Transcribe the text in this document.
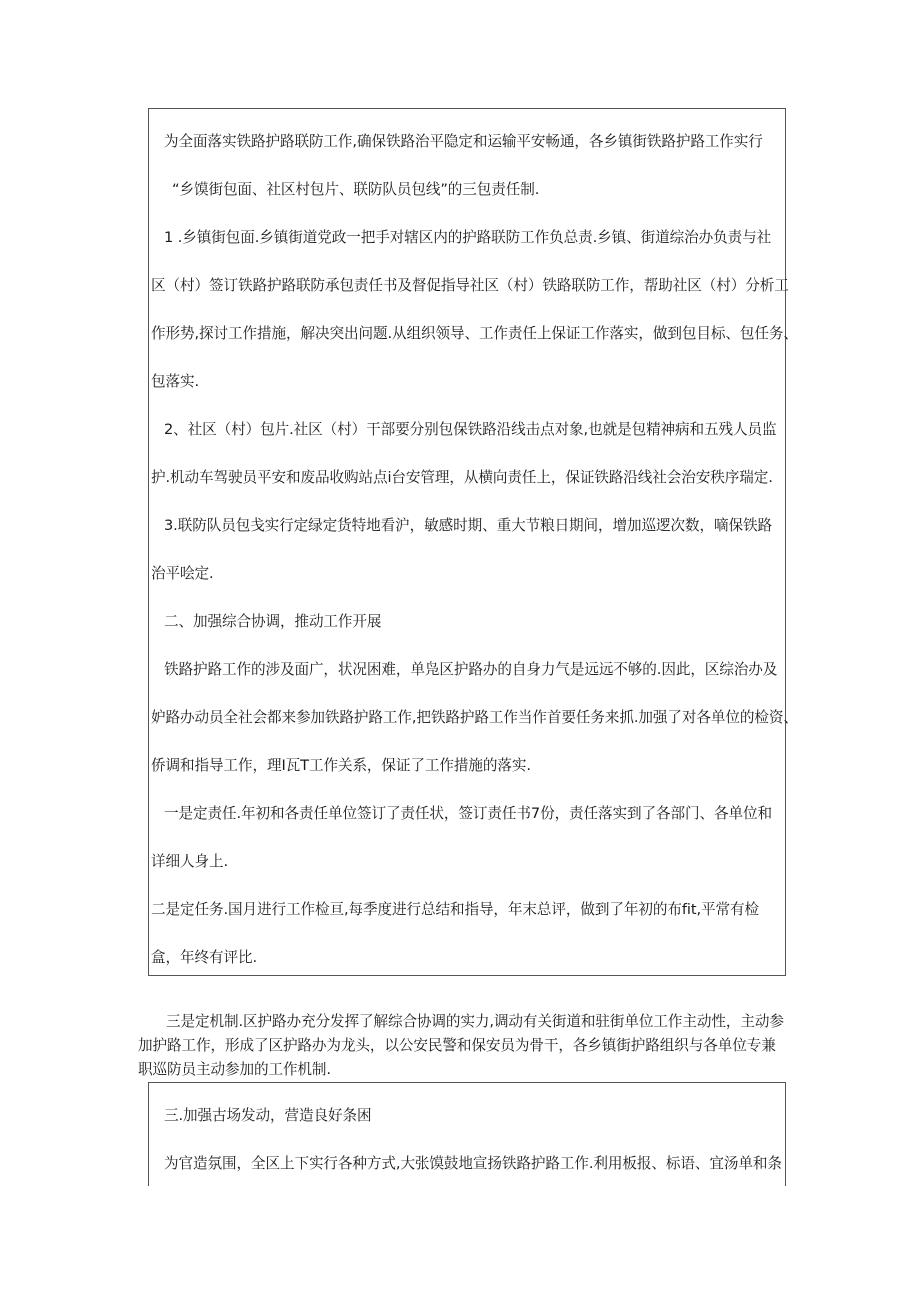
为全面落实铁路护路联防工作,确保铁路治平隐定和运输平安畅通，各乡镇街铁路护路工作实行
“乡馍街包面、社区村包片、联防队员包线”的三包责任制.
1 .乡镇街包面.乡镇街道党政一把手对辖区内的护路联防工作负总责.乡镇、街道综治办负责与社
区（村）签订铁路护路联防承包责任书及督促指导社区（村）铁路联防工作，帮助社区（村）分析工
作形势,探讨工作措施，解决突出问题.从组织领导、工作责任上保证工作落实，做到包目标、包任务、
包落实.
2、社区（村）包片.社区（村）干部要分别包保铁路沿线击点对象,也就是包精神病和五残人员监
护.机动车驾驶员平安和废品收购站点i台安管理，从横向责任上，保证铁路沿线社会治安秩序瑞定.
3.联防队员包戋实行定绿定货特地看沪，敏感时期、重大节粮日期间，增加巡逻次数，嘀保铁路
治平哙定.
二、加强综合协调，推动工作开展
铁路护路工作的涉及面广，状况困难，单凫区护路办的自身力气是远远不够的.因此，区综治办及
妒路办动员全社会都来参加铁路护路工作,把铁路护路工作当作首要任务来抓.加强了对各单位的检资、
侨调和指导工作，理I瓦T工作关系，保证了工作措施的落实.
一是定责任.年初和各责任单位签订了责任状，签订责任书7份，责任落实到了各部门、各单位和
详细人身上.
二是定任务.国月进行工作检亘,每季度进行总结和指导，年末总评，做到了年初的布fit,平常有检
盒，年终有评比.
三是定机制.区护路办充分发挥了解综合协调的实力,调动有关街道和驻街单位工作主动性，主动参
加护路工作，形成了区护路办为龙头，以公安民警和保安员为骨干，各乡镇街护路组织与各单位专兼
职巡防员主动参加的工作机制.
三.加强古场发动，营造良好条困
为官造氛围，全区上下实行各种方式,大张馍鼓地宣扬铁路护路工作.利用板报、标语、宜汤单和条
